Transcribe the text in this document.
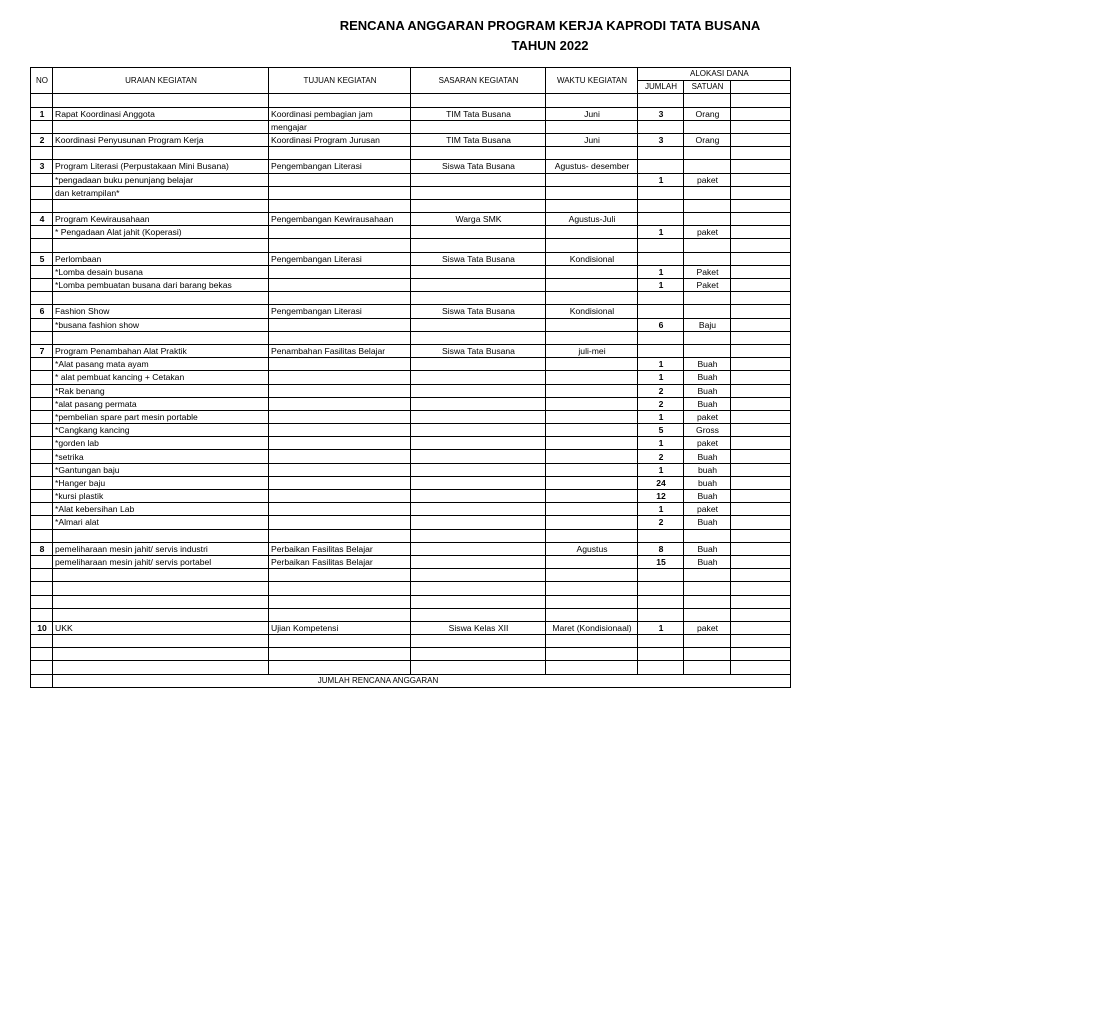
RENCANA ANGGARAN PROGRAM KERJA KAPRODI TATA BUSANA
TAHUN 2022
NO	URAIAN KEGIATAN	TUJUAN KEGIATAN	SASARAN KEGIATAN	WAKTU KEGIATAN	ALOKASI DANA		
					JUMLAH	SATUAN	

1	Rapat Koordinasi Anggota	Koordinasi pembagian jam	TIM Tata Busana	Juni	3	Orang	
		mengajar					
2	Koordinasi Penyusunan Program Kerja	Koordinasi Program Jurusan	TIM Tata Busana	Juni	3	Orang	

3	Program Literasi (Perpustakaan Mini Busana)	Pengembangan Literasi	Siswa Tata Busana	Agustus- desember			
	*pengadaan buku penunjang belajar				1	paket	
	dan ketrampilan*						

4	Program Kewirausahaan	Pengembangan Kewirausahaan	Warga SMK	Agustus-Juli			
	* Pengadaan Alat jahit (Koperasi)				1	paket	

5	Perlombaan	Pengembangan Literasi	Siswa Tata Busana	Kondisional			
	*Lomba desain busana				1	Paket	
	*Lomba pembuatan busana dari barang bekas				1	Paket	

6	Fashion Show	Pengembangan Literasi	Siswa Tata Busana	Kondisional			
	*busana fashion show				6	Baju	

7	Program Penambahan Alat Praktik	Penambahan Fasilitas Belajar	Siswa Tata Busana	juli-mei			
	*Alat pasang mata ayam				1	Buah	
	* alat pembuat kancing + Cetakan				1	Buah	
	*Rak benang				2	Buah	
	*alat pasang permata				2	Buah	
	*pembelian spare part mesin portable				1	paket	
	*Cangkang kancing				5	Gross	
	*gorden lab				1	paket	
	*setrika				2	Buah	
	*Gantungan baju				1	buah	
	*Hanger baju				24	buah	
	*kursi plastik				12	Buah	
	*Alat kebersihan Lab				1	paket	
	*Almari alat				2	Buah	

8	pemeliharaan mesin jahit/ servis industri	Perbaikan Fasilitas Belajar		Agustus	8	Buah	
	pemeliharaan mesin jahit/ servis portabel	Perbaikan Fasilitas Belajar			15	Buah	

10	UKK	Ujian Kompetensi	Siswa Kelas XII	Maret (Kondisionaal)	1	paket	

	JUMLAH RENCANA ANGGARAN						
